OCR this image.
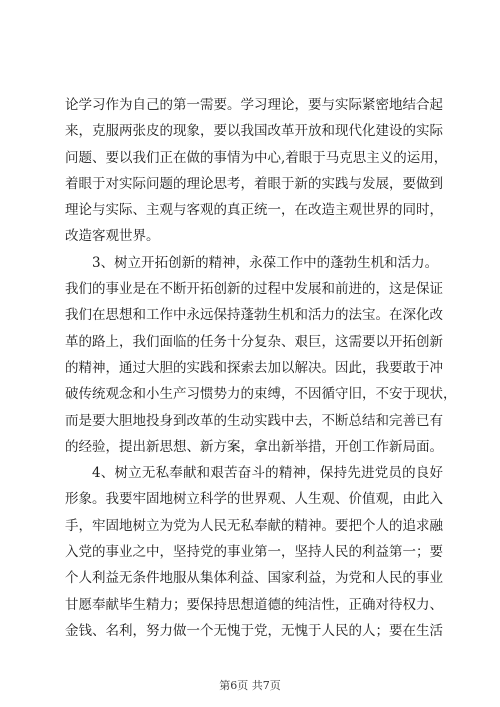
论学习作为自己的第一需要。学习理论，要与实际紧密地结合起
来，克服两张皮的现象，要以我国改革开放和现代化建设的实际
问题、要以我们正在做的事情为中心,着眼于马克思主义的运用，
着眼于对实际问题的理论思考，着眼于新的实践与发展，要做到
理论与实际、主观与客观的真正统一，在改造主观世界的同时，
改造客观世界。
3、树立开拓创新的精神，永葆工作中的蓬勃生机和活力。
我们的事业是在不断开拓创新的过程中发展和前进的，这是保证
我们在思想和工作中永远保持蓬勃生机和活力的法宝。在深化改
革的路上，我们面临的任务十分复杂、艰巨，这需要以开拓创新
的精神，通过大胆的实践和探索去加以解决。因此，我要敢于冲
破传统观念和小生产习惯势力的束缚，不因循守旧，不安于现状，
而是要大胆地投身到改革的生动实践中去，不断总结和完善已有
的经验，提出新思想、新方案，拿出新举措，开创工作新局面。
4、树立无私奉献和艰苦奋斗的精神，保持先进党员的良好
形象。我要牢固地树立科学的世界观、人生观、价值观，由此入
手，牢固地树立为党为人民无私奉献的精神。要把个人的追求融
入党的事业之中，坚持党的事业第一，坚持人民的利益第一；要
个人利益无条件地服从集体利益、国家利益，为党和人民的事业
甘愿奉献毕生精力；要保持思想道德的纯洁性，正确对待权力、
金钱、名利，努力做一个无愧于党，无愧于人民的人；要在生活
第6页 共7页
